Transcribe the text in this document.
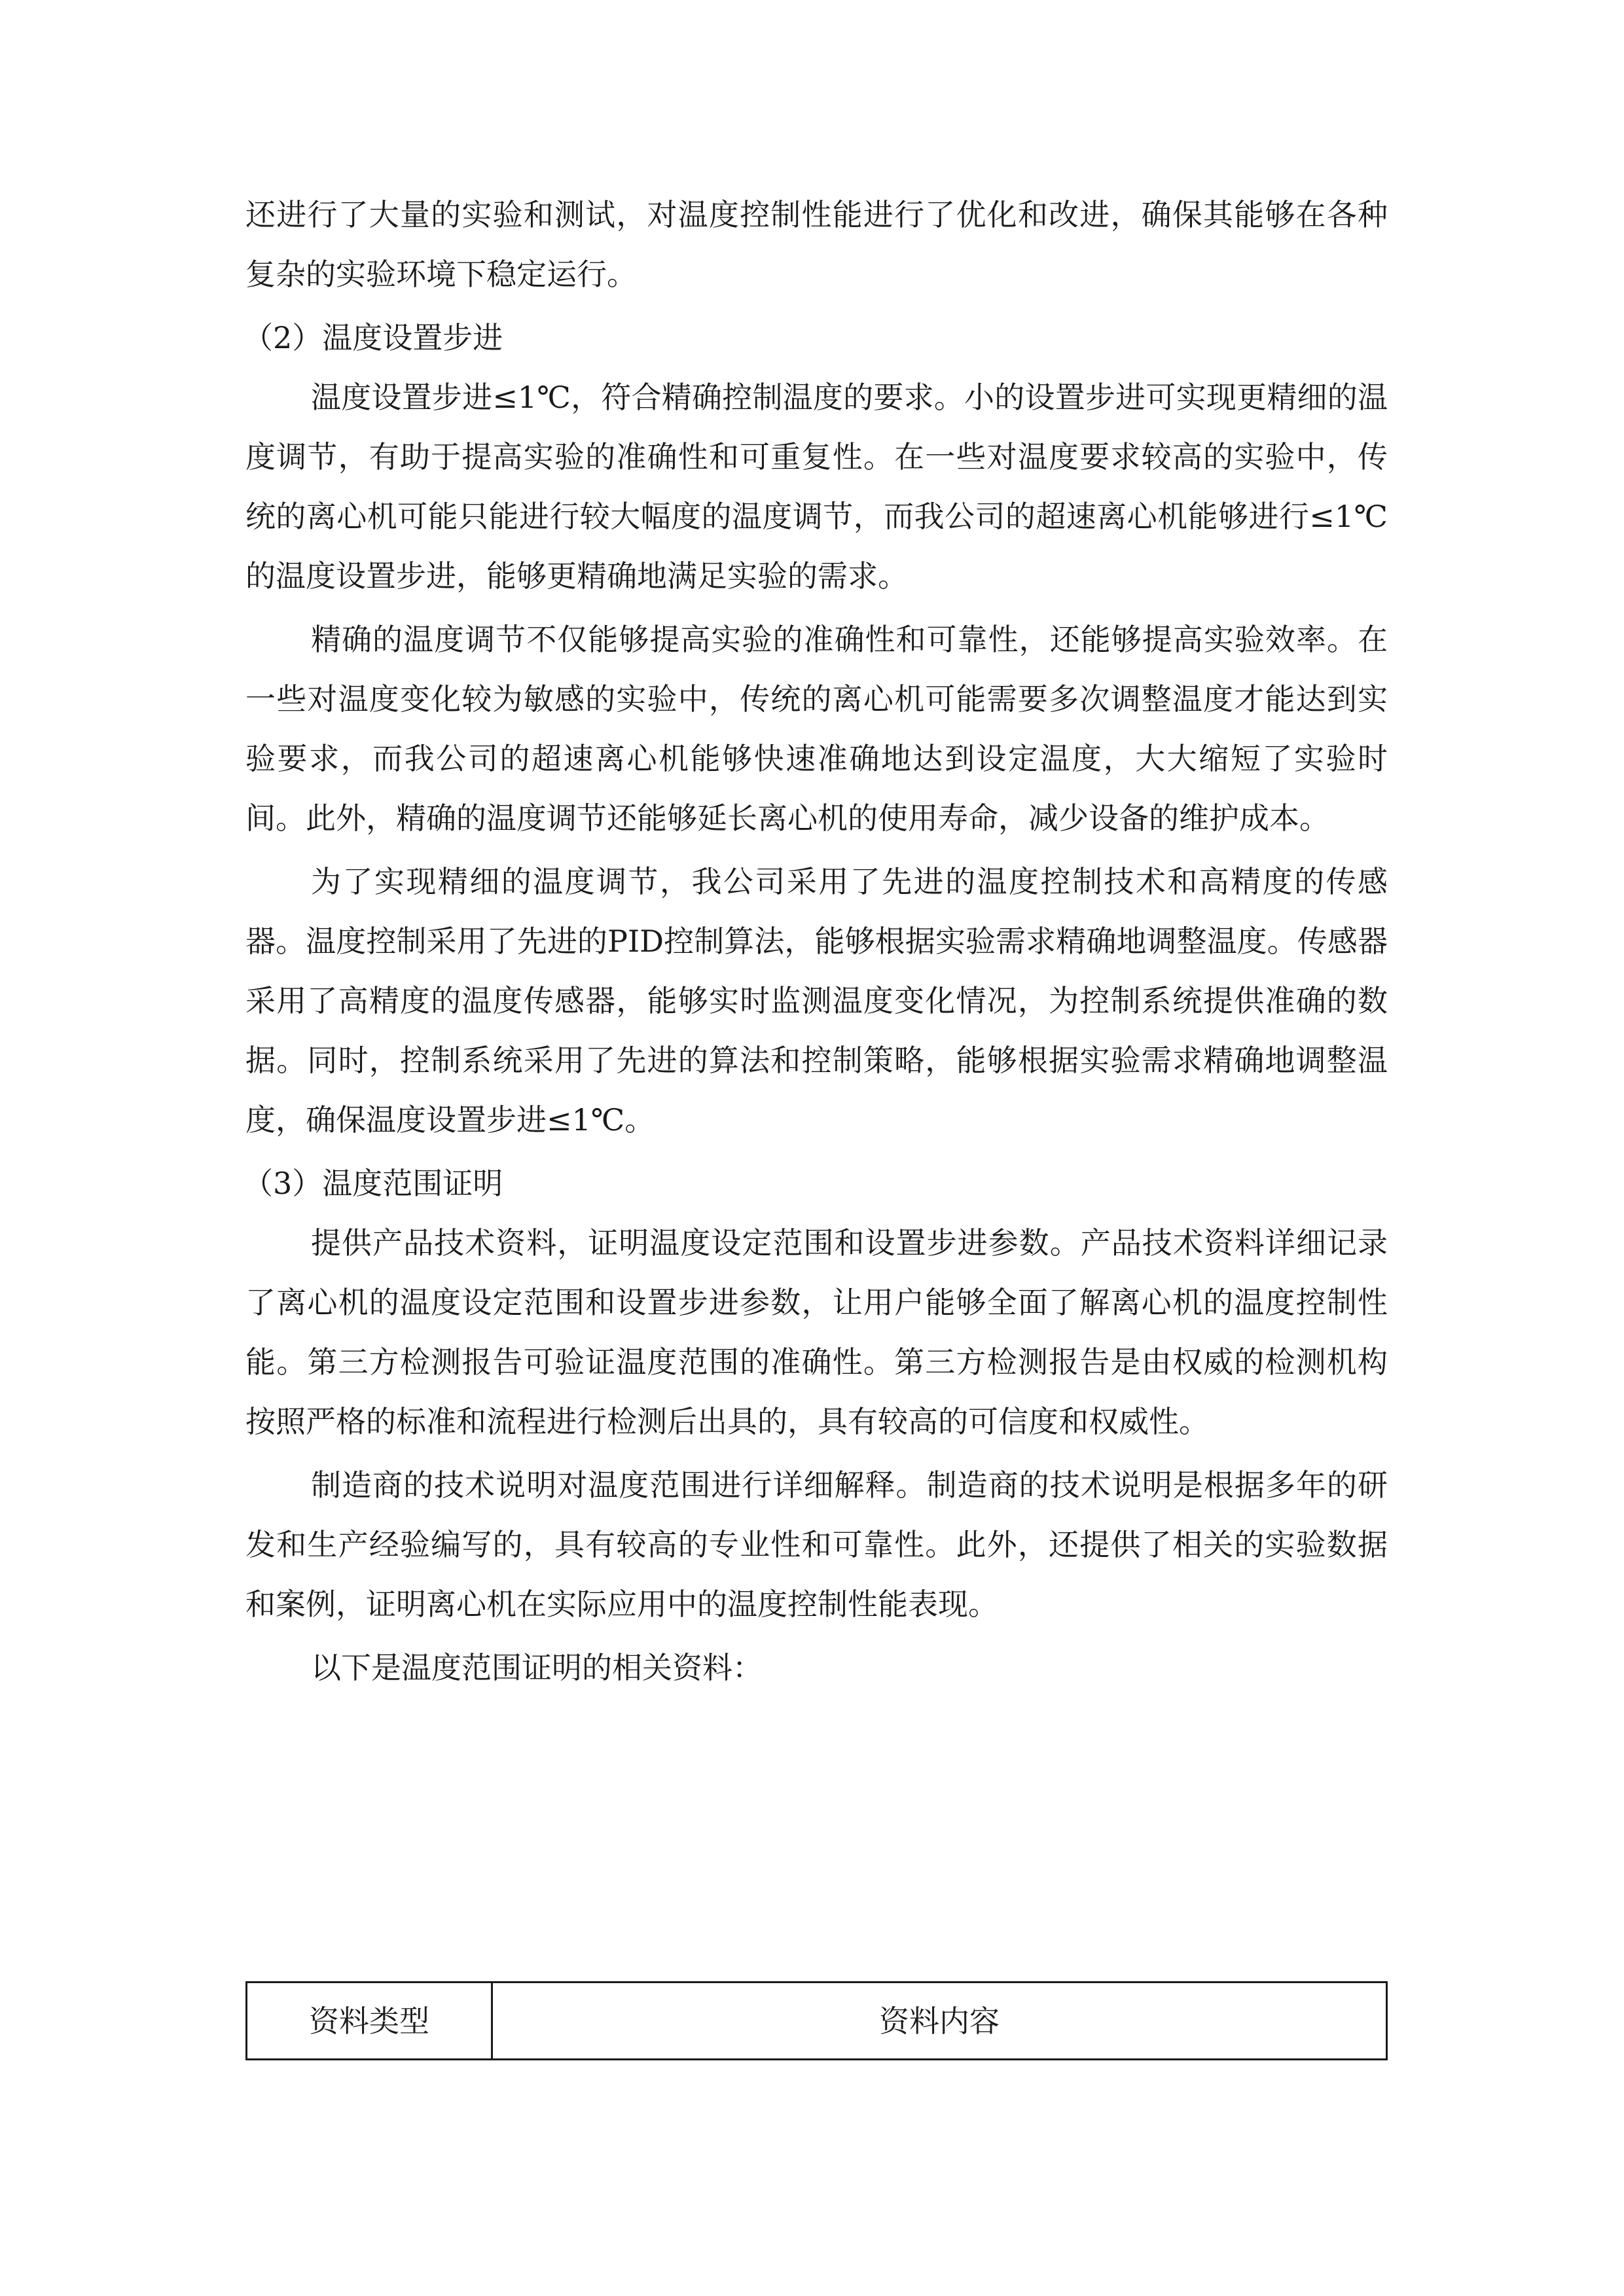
还进行了大量的实验和测试，对温度控制性能进行了优化和改进，确保其能够在各种复杂的实验环境下稳定运行。

（2）温度设置步进

温度设置步进≤1℃，符合精确控制温度的要求。小的设置步进可实现更精细的温度调节，有助于提高实验的准确性和可重复性。在一些对温度要求较高的实验中，传统的离心机可能只能进行较大幅度的温度调节，而我公司的超速离心机能够进行≤1℃的温度设置步进，能够更精确地满足实验的需求。

精确的温度调节不仅能够提高实验的准确性和可靠性，还能够提高实验效率。在一些对温度变化较为敏感的实验中，传统的离心机可能需要多次调整温度才能达到实验要求，而我公司的超速离心机能够快速准确地达到设定温度，大大缩短了实验时间。此外，精确的温度调节还能够延长离心机的使用寿命，减少设备的维护成本。

为了实现精细的温度调节，我公司采用了先进的温度控制技术和高精度的传感器。温度控制采用了先进的PID控制算法，能够根据实验需求精确地调整温度。传感器采用了高精度的温度传感器，能够实时监测温度变化情况，为控制系统提供准确的数据。同时，控制系统采用了先进的算法和控制策略，能够根据实验需求精确地调整温度，确保温度设置步进≤1℃。

（3）温度范围证明

提供产品技术资料，证明温度设定范围和设置步进参数。产品技术资料详细记录了离心机的温度设定范围和设置步进参数，让用户能够全面了解离心机的温度控制性能。第三方检测报告可验证温度范围的准确性。第三方检测报告是由权威的检测机构按照严格的标准和流程进行检测后出具的，具有较高的可信度和权威性。

制造商的技术说明对温度范围进行详细解释。制造商的技术说明是根据多年的研发和生产经验编写的，具有较高的专业性和可靠性。此外，还提供了相关的实验数据和案例，证明离心机在实际应用中的温度控制性能表现。

以下是温度范围证明的相关资料：

资料类型	资料内容
